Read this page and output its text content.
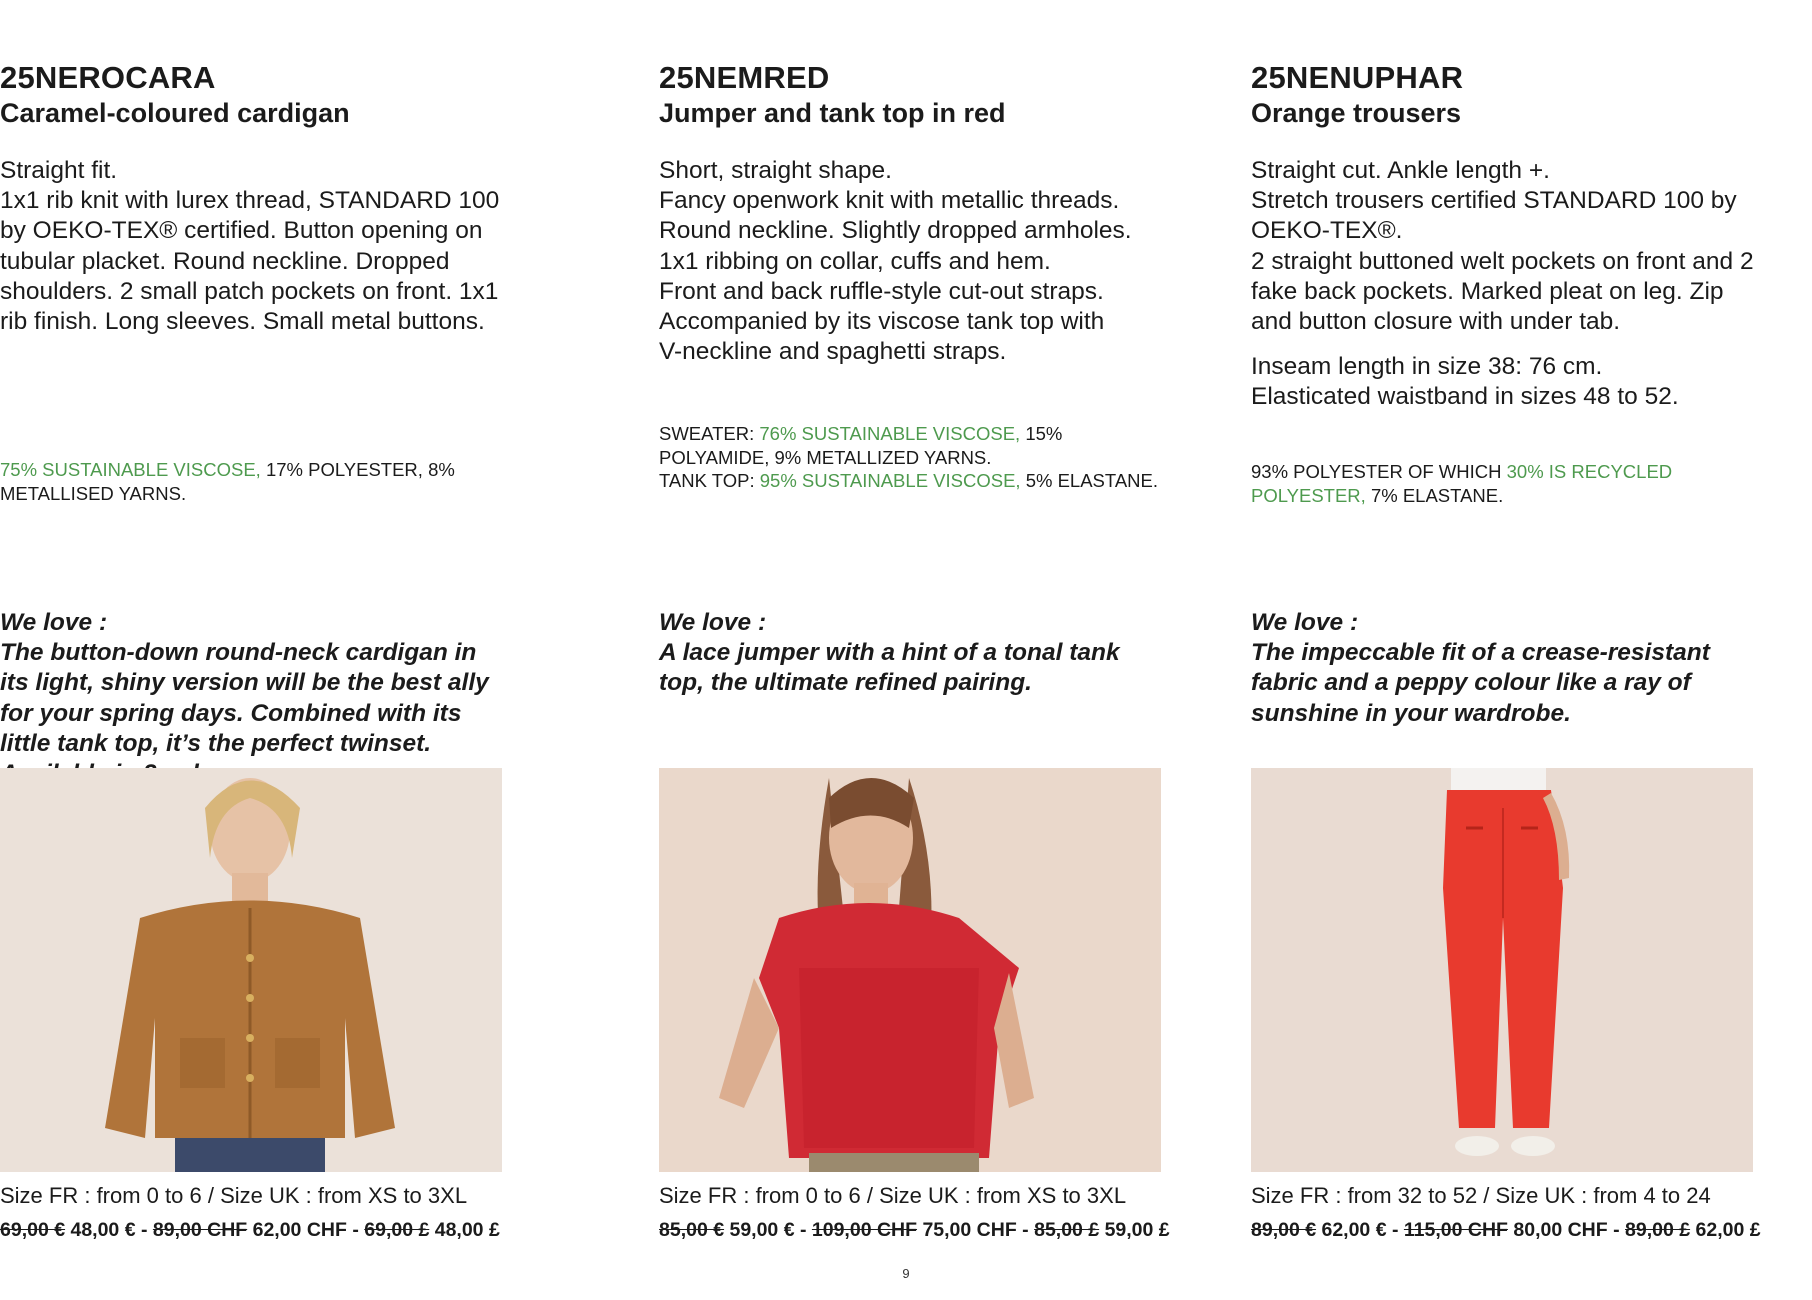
25NEMRED
Jumper and tank top in red
Short, straight shape.
Fancy openwork knit with metallic threads.
Round neckline. Slightly dropped armholes.
1x1 ribbing on collar, cuffs and hem.
Front and back ruffle-style cut-out straps.
Accompanied by its viscose tank top with
V-neckline and spaghetti straps.
SWEATER: 76% SUSTAINABLE VISCOSE, 15%
POLYAMIDE, 9% METALLIZED YARNS.
TANK TOP: 95% SUSTAINABLE VISCOSE, 5% ELASTANE.
We love :
A lace jumper with a hint of a tonal tank top, the ultimate refined pairing.
Size FR : from 0 to 6 / Size UK : from XS to 3XL
85,00 € 59,00 € - 109,00 CHF 75,00 CHF - 85,00 £ 59,00 £
25NENUPHAR
Orange trousers
Straight cut. Ankle length +.
Stretch trousers certified STANDARD 100 by OEKO-TEX®.

2 straight buttoned welt pockets on front and 2 fake back pockets. Marked pleat on leg. Zip and button closure with under tab.

Inseam length in size 38: 76 cm. Elasticated waistband in sizes 48 to 52.

93% POLYESTER OF WHICH 30% IS RECYCLED
POLYESTER, 7% ELASTANE.
We love :
The impeccable fit of a crease-resistant fabric and a peppy colour like a ray of sunshine in your wardrobe.
Size FR : from 32 to 52 / Size UK : from 4 to 24
89,00 € 62,00 € - 115,00 CHF 80,00 CHF - 89,00 £ 62,00 £
25NEROCARA
Caramel-coloured cardigan
Straight fit.
1x1 rib knit with lurex thread, STANDARD 100 by OEKO-TEX® certified. Button opening on tubular placket. Round neckline. Dropped shoulders. 2 small patch pockets on front. 1x1 rib finish. Long sleeves. Small metal buttons.
75% SUSTAINABLE VISCOSE, 17% POLYESTER, 8%
METALLISED YARNS.
We love :
The button-down round-neck cardigan in its light, shiny version will be the best ally for your spring days. Combined with its little tank top, it’s the perfect twinset.
Size FR : from 0 to 6 / Size UK : from XS to 3XL
69,00 € 48,00 € - 89,00 CHF 62,00 CHF - 69,00 £ 48,00 £
9
